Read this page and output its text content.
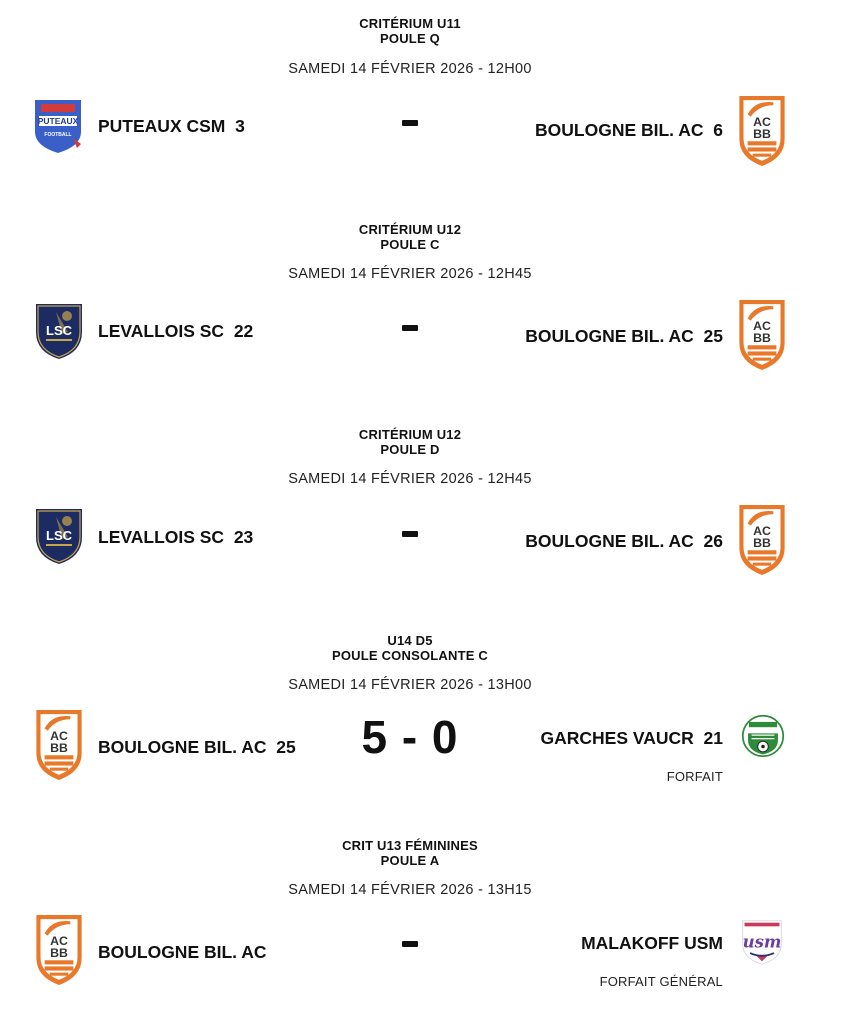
CRITÉRIUM U11
POULE Q
SAMEDI 14 FÉVRIER 2026 - 12H00
PUTEAUX CSM 3	BOULOGNE BIL. AC 6
CRITÉRIUM U12
POULE C
SAMEDI 14 FÉVRIER 2026 - 12H45
LEVALLOIS SC 22	BOULOGNE BIL. AC 25
CRITÉRIUM U12
POULE D
SAMEDI 14 FÉVRIER 2026 - 12H45
LEVALLOIS SC 23	BOULOGNE BIL. AC 26
U14 D5
POULE CONSOLANTE C
SAMEDI 14 FÉVRIER 2026 - 13H00
BOULOGNE BIL. AC 25	5 - 0	GARCHES VAUCR 21
FORFAIT
CRIT U13 FÉMININES
POULE A
SAMEDI 14 FÉVRIER 2026 - 13H15
BOULOGNE BIL. AC	MALAKOFF USM
FORFAIT GÉNÉRAL
